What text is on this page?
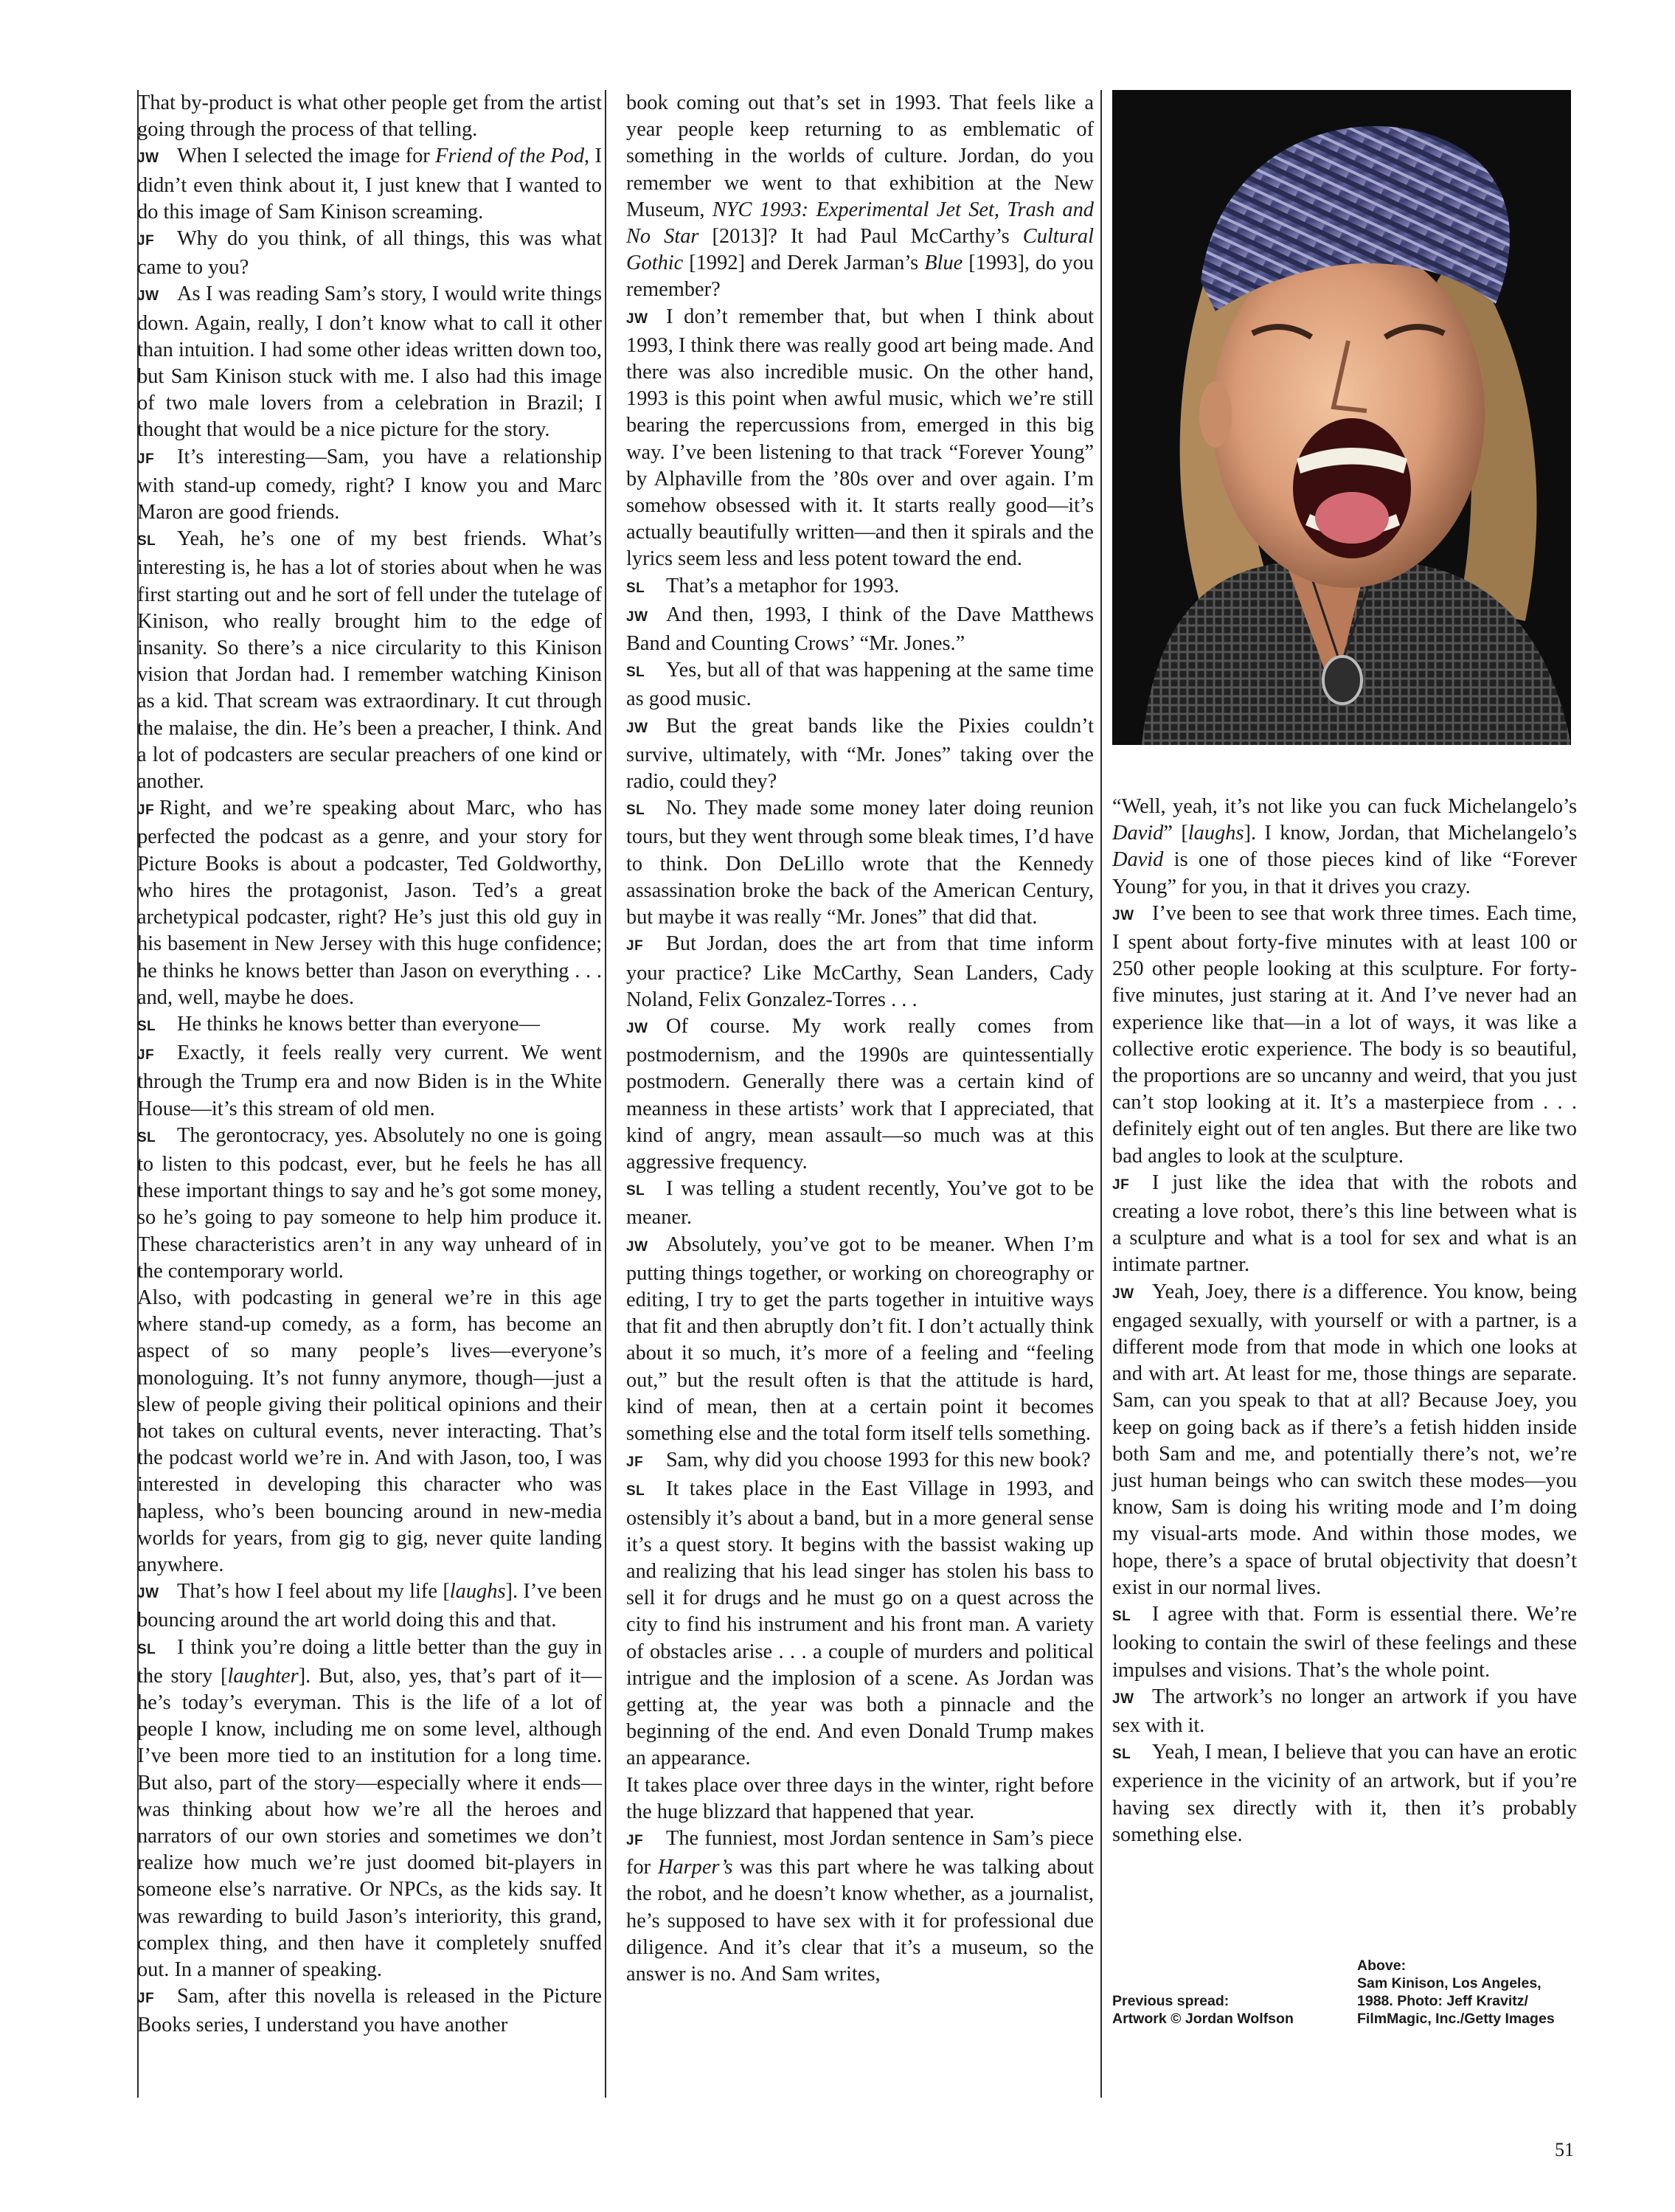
That by-product is what other people get from the artist going through the process of that telling.

JW When I selected the image for Friend of the Pod, I didn’t even think about it, I just knew that I wanted to do this image of Sam Kinison screaming.

JF Why do you think, of all things, this was what came to you?

JW As I was reading Sam’s story, I would write things down. Again, really, I don’t know what to call it other than intuition. I had some other ideas written down too, but Sam Kinison stuck with me. I also had this image of two male lovers from a celebration in Brazil; I thought that would be a nice picture for the story.

JF It’s interesting—Sam, you have a relationship with stand-up comedy, right? I know you and Marc Maron are good friends.

SL Yeah, he’s one of my best friends. What’s interesting is, he has a lot of stories about when he was first starting out and he sort of fell under the tutelage of Kinison, who really brought him to the edge of insanity. So there’s a nice circularity to this Kinison vision that Jordan had. I remember watching Kinison as a kid. That scream was extraordinary. It cut through the malaise, the din. He’s been a preacher, I think. And a lot of podcasters are secular preachers of one kind or another.

JF Right, and we’re speaking about Marc, who has perfected the podcast as a genre, and your story for Picture Books is about a podcaster, Ted Goldworthy, who hires the protagonist, Jason. Ted’s a great archetypical podcaster, right? He’s just this old guy in his basement in New Jersey with this huge confidence; he thinks he knows better than Jason on everything . . . and, well, maybe he does.

SL He thinks he knows better than everyone—

JF Exactly, it feels really very current. We went through the Trump era and now Biden is in the White House—it’s this stream of old men.

SL The gerontocracy, yes. Absolutely no one is going to listen to this podcast, ever, but he feels he has all these important things to say and he’s got some money, so he’s going to pay someone to help him produce it. These characteristics aren’t in any way unheard of in the contemporary world.

Also, with podcasting in general we’re in this age where stand-up comedy, as a form, has become an aspect of so many people’s lives—everyone’s monologuing. It’s not funny anymore, though—just a slew of people giving their political opinions and their hot takes on cultural events, never interacting. That’s the podcast world we’re in. And with Jason, too, I was interested in developing this character who was hapless, who’s been bouncing around in new-media worlds for years, from gig to gig, never quite landing anywhere.

JW That’s how I feel about my life [laughs]. I’ve been bouncing around the art world doing this and that.

SL I think you’re doing a little better than the guy in the story [laughter]. But, also, yes, that’s part of it—he’s today’s everyman. This is the life of a lot of people I know, including me on some level, although I’ve been more tied to an institution for a long time. But also, part of the story—especially where it ends—was thinking about how we’re all the heroes and narrators of our own stories and sometimes we don’t realize how much we’re just doomed bit-players in someone else’s narrative. Or NPCs, as the kids say. It was rewarding to build Jason’s interiority, this grand, complex thing, and then have it completely snuffed out. In a manner of speaking.

JF Sam, after this novella is released in the Picture Books series, I understand you have another

book coming out that’s set in 1993. That feels like a year people keep returning to as emblematic of something in the worlds of culture. Jordan, do you remember we went to that exhibition at the New Museum, NYC 1993: Experimental Jet Set, Trash and No Star [2013]? It had Paul McCarthy’s Cultural Gothic [1992] and Derek Jarman’s Blue [1993], do you remember?

JW I don’t remember that, but when I think about 1993, I think there was really good art being made. And there was also incredible music. On the other hand, 1993 is this point when awful music, which we’re still bearing the repercussions from, emerged in this big way. I’ve been listening to that track “Forever Young” by Alphaville from the ’80s over and over again. I’m somehow obsessed with it. It starts really good—it’s actually beautifully written—and then it spirals and the lyrics seem less and less potent toward the end.

SL That’s a metaphor for 1993.

JW And then, 1993, I think of the Dave Matthews Band and Counting Crows’ “Mr. Jones.”

SL Yes, but all of that was happening at the same time as good music.

JW But the great bands like the Pixies couldn’t survive, ultimately, with “Mr. Jones” taking over the radio, could they?

SL No. They made some money later doing reunion tours, but they went through some bleak times, I’d have to think. Don DeLillo wrote that the Kennedy assassination broke the back of the American Century, but maybe it was really “Mr. Jones” that did that.

JF But Jordan, does the art from that time inform your practice? Like McCarthy, Sean Landers, Cady Noland, Felix Gonzalez-Torres . . .

JW Of course. My work really comes from postmodernism, and the 1990s are quintessentially postmodern. Generally there was a certain kind of meanness in these artists’ work that I appreciated, that kind of angry, mean assault—so much was at this aggressive frequency.

SL I was telling a student recently, You’ve got to be meaner.

JW Absolutely, you’ve got to be meaner. When I’m putting things together, or working on choreography or editing, I try to get the parts together in intuitive ways that fit and then abruptly don’t fit. I don’t actually think about it so much, it’s more of a feeling and “feeling out,” but the result often is that the attitude is hard, kind of mean, then at a certain point it becomes something else and the total form itself tells something.

JF Sam, why did you choose 1993 for this new book?

SL It takes place in the East Village in 1993, and ostensibly it’s about a band, but in a more general sense it’s a quest story. It begins with the bassist waking up and realizing that his lead singer has stolen his bass to sell it for drugs and he must go on a quest across the city to find his instrument and his front man. A variety of obstacles arise . . . a couple of murders and political intrigue and the implosion of a scene. As Jordan was getting at, the year was both a pinnacle and the beginning of the end. And even Donald Trump makes an appearance.

It takes place over three days in the winter, right before the huge blizzard that happened that year.

JF The funniest, most Jordan sentence in Sam’s piece for Harper’s was this part where he was talking about the robot, and he doesn’t know whether, as a journalist, he’s supposed to have sex with it for professional due diligence. And it’s clear that it’s a museum, so the answer is no. And Sam writes,

“Well, yeah, it’s not like you can fuck Michelangelo’s David” [laughs]. I know, Jordan, that Michelangelo’s David is one of those pieces kind of like “Forever Young” for you, in that it drives you crazy.

JW I’ve been to see that work three times. Each time, I spent about forty-five minutes with at least 100 or 250 other people looking at this sculpture. For forty-five minutes, just staring at it. And I’ve never had an experience like that—in a lot of ways, it was like a collective erotic experience. The body is so beautiful, the proportions are so uncanny and weird, that you just can’t stop looking at it. It’s a masterpiece from . . . definitely eight out of ten angles. But there are like two bad angles to look at the sculpture.

JF I just like the idea that with the robots and creating a love robot, there’s this line between what is a sculpture and what is a tool for sex and what is an intimate partner.

JW Yeah, Joey, there is a difference. You know, being engaged sexually, with yourself or with a partner, is a different mode from that mode in which one looks at and with art. At least for me, those things are separate. Sam, can you speak to that at all? Because Joey, you keep on going back as if there’s a fetish hidden inside both Sam and me, and potentially there’s not, we’re just human beings who can switch these modes—you know, Sam is doing his writing mode and I’m doing my visual-arts mode. And within those modes, we hope, there’s a space of brutal objectivity that doesn’t exist in our normal lives.

SL I agree with that. Form is essential there. We’re looking to contain the swirl of these feelings and these impulses and visions. That’s the whole point.

JW The artwork’s no longer an artwork if you have sex with it.

SL Yeah, I mean, I believe that you can have an erotic experience in the vicinity of an artwork, but if you’re having sex directly with it, then it’s probably something else.

Previous spread:
Artwork © Jordan Wolfson
Above:
Sam Kinison, Los Angeles,
1988. Photo: Jeff Kravitz/
FilmMagic, Inc./Getty Images
51
